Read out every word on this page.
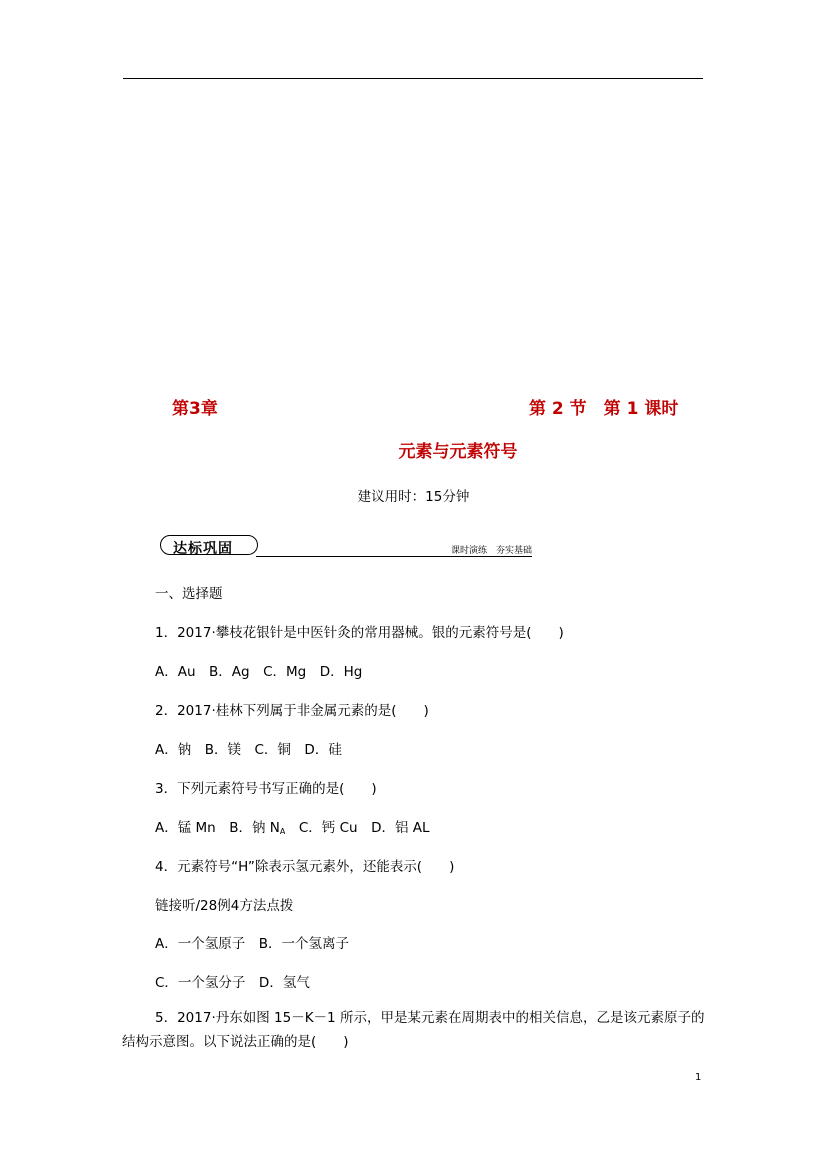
第3章	第 2 节　第 1 课时
元素与元素符号
建议用时：15分钟
达标巩固	课时演练　夯实基础
一、选择题
1．2017·攀枝花银针是中医针灸的常用器械。银的元素符号是(　　)
A．Au　B．Ag　C．Mg　D．Hg
2．2017·桂林下列属于非金属元素的是(　　)
A．钠　B．镁　C．铜　D．硅
3．下列元素符号书写正确的是(　　)
A．锰 Mn　B．钠 $N_A$　C．钙 Cu　D．铝 AL
4．元素符号“H”除表示氢元素外，还能表示(　　)
链接听/28例4方法点拨
A．一个氢原子　B．一个氢离子
C．一个氢分子　D．氢气
5．2017·丹东如图 15－K－1 所示，甲是某元素在周期表中的相关信息，乙是该元素原子的结构示意图。以下说法正确的是(　　)
1
